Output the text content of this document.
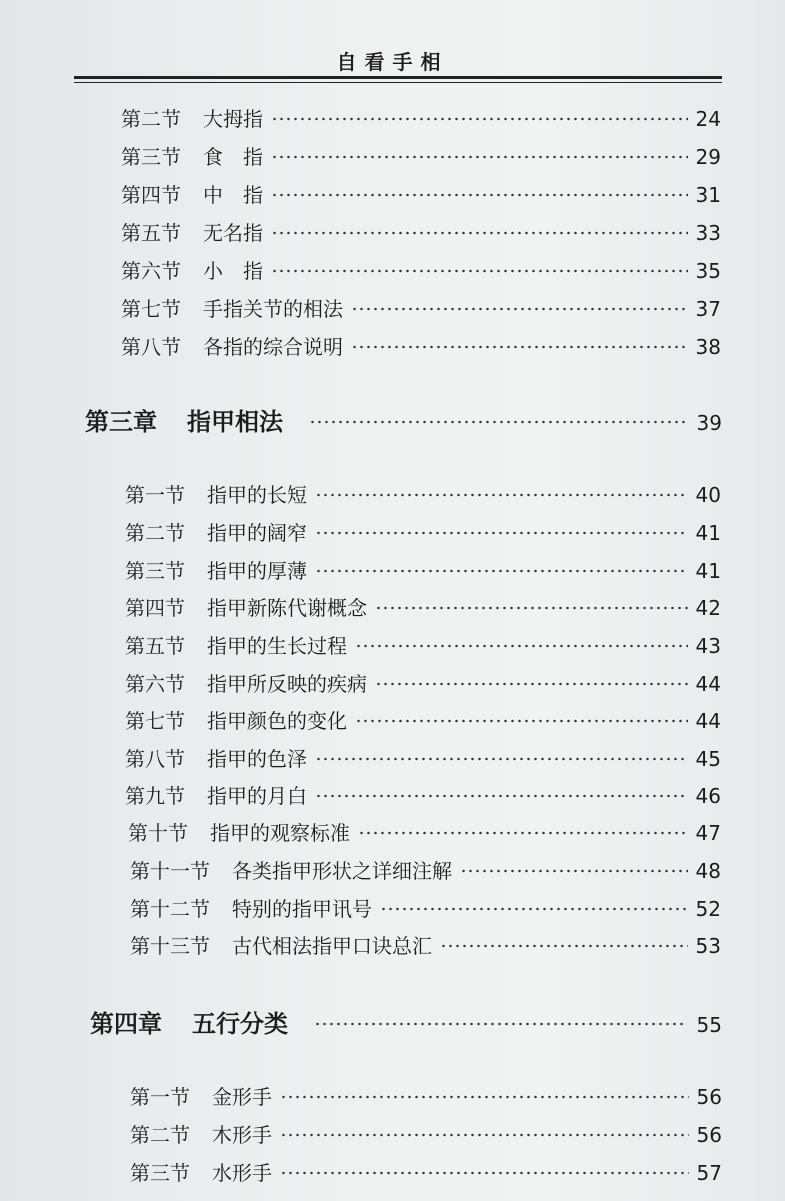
自看手相
第二节 大拇指	24
第三节 食　指	29
第四节 中　指	31
第五节 无名指	33
第六节 小　指	35
第七节 手指关节的相法	37
第八节 各指的综合说明	38
第三章 指甲相法	39
第一节 指甲的长短	40
第二节 指甲的阔窄	41
第三节 指甲的厚薄	41
第四节 指甲新陈代谢概念	42
第五节 指甲的生长过程	43
第六节 指甲所反映的疾病	44
第七节 指甲颜色的变化	44
第八节 指甲的色泽	45
第九节 指甲的月白	46
第十节 指甲的观察标准	47
第十一节 各类指甲形状之详细注解	48
第十二节 特别的指甲讯号	52
第十三节 古代相法指甲口诀总汇	53
第四章 五行分类	55
第一节 金形手	56
第二节 木形手	56
第三节 水形手	57
